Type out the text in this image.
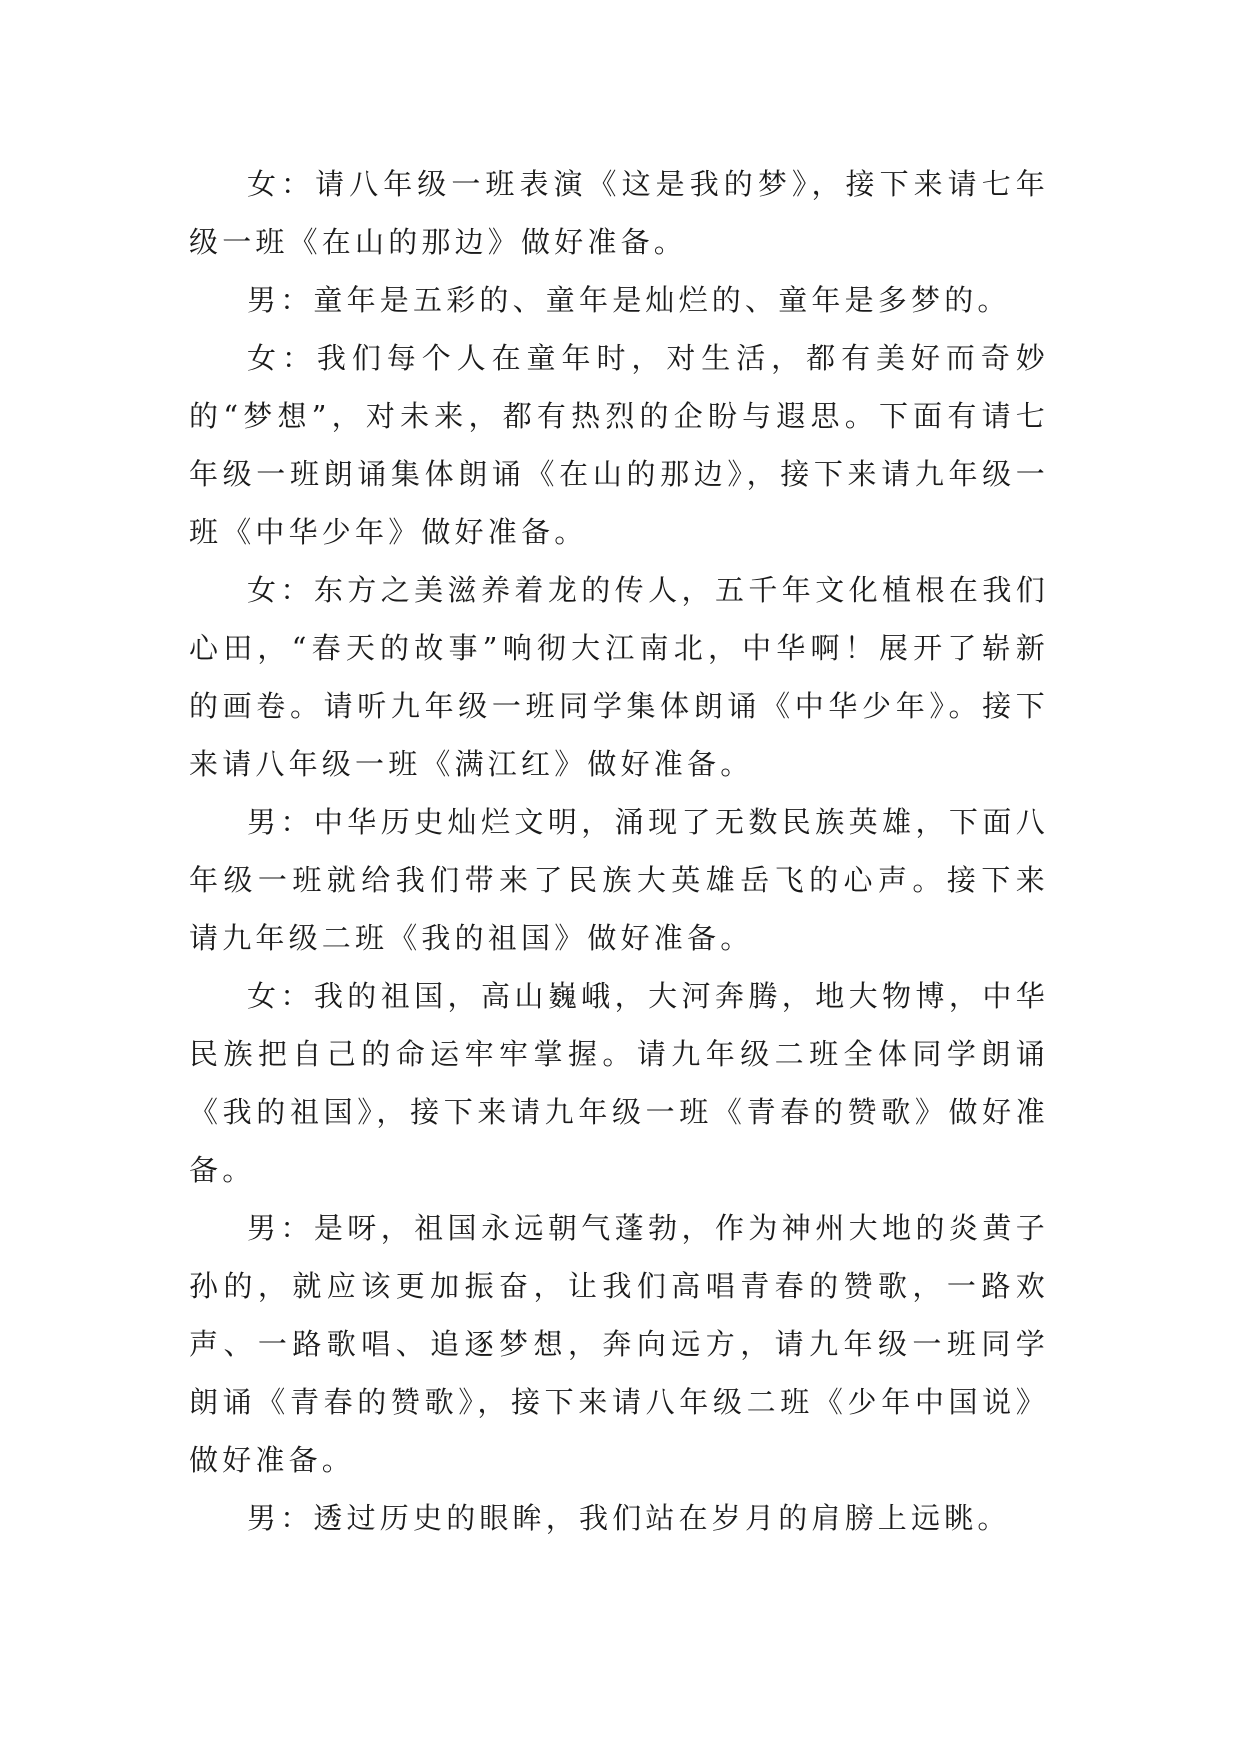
女：请八年级一班表演《这是我的梦》，接下来请七年级一班《在山的那边》做好准备。

男：童年是五彩的、童年是灿烂的、童年是多梦的。

女：我们每个人在童年时，对生活，都有美好而奇妙的“梦想”，对未来，都有热烈的企盼与遐思。下面有请七年级一班朗诵集体朗诵《在山的那边》，接下来请九年级一班《中华少年》做好准备。

女：东方之美滋养着龙的传人，五千年文化植根在我们心田，“春天的故事”响彻大江南北，中华啊！展开了崭新的画卷。请听九年级一班同学集体朗诵《中华少年》。接下来请八年级一班《满江红》做好准备。

男：中华历史灿烂文明，涌现了无数民族英雄，下面八年级一班就给我们带来了民族大英雄岳飞的心声。接下来请九年级二班《我的祖国》做好准备。

女：我的祖国，高山巍峨，大河奔腾，地大物博，中华民族把自己的命运牢牢掌握。请九年级二班全体同学朗诵《我的祖国》，接下来请九年级一班《青春的赞歌》做好准备。

男：是呀，祖国永远朝气蓬勃，作为神州大地的炎黄子孙的，就应该更加振奋，让我们高唱青春的赞歌，一路欢声、一路歌唱、追逐梦想，奔向远方，请九年级一班同学朗诵《青春的赞歌》，接下来请八年级二班《少年中国说》做好准备。

男：透过历史的眼眸，我们站在岁月的肩膀上远眺。
